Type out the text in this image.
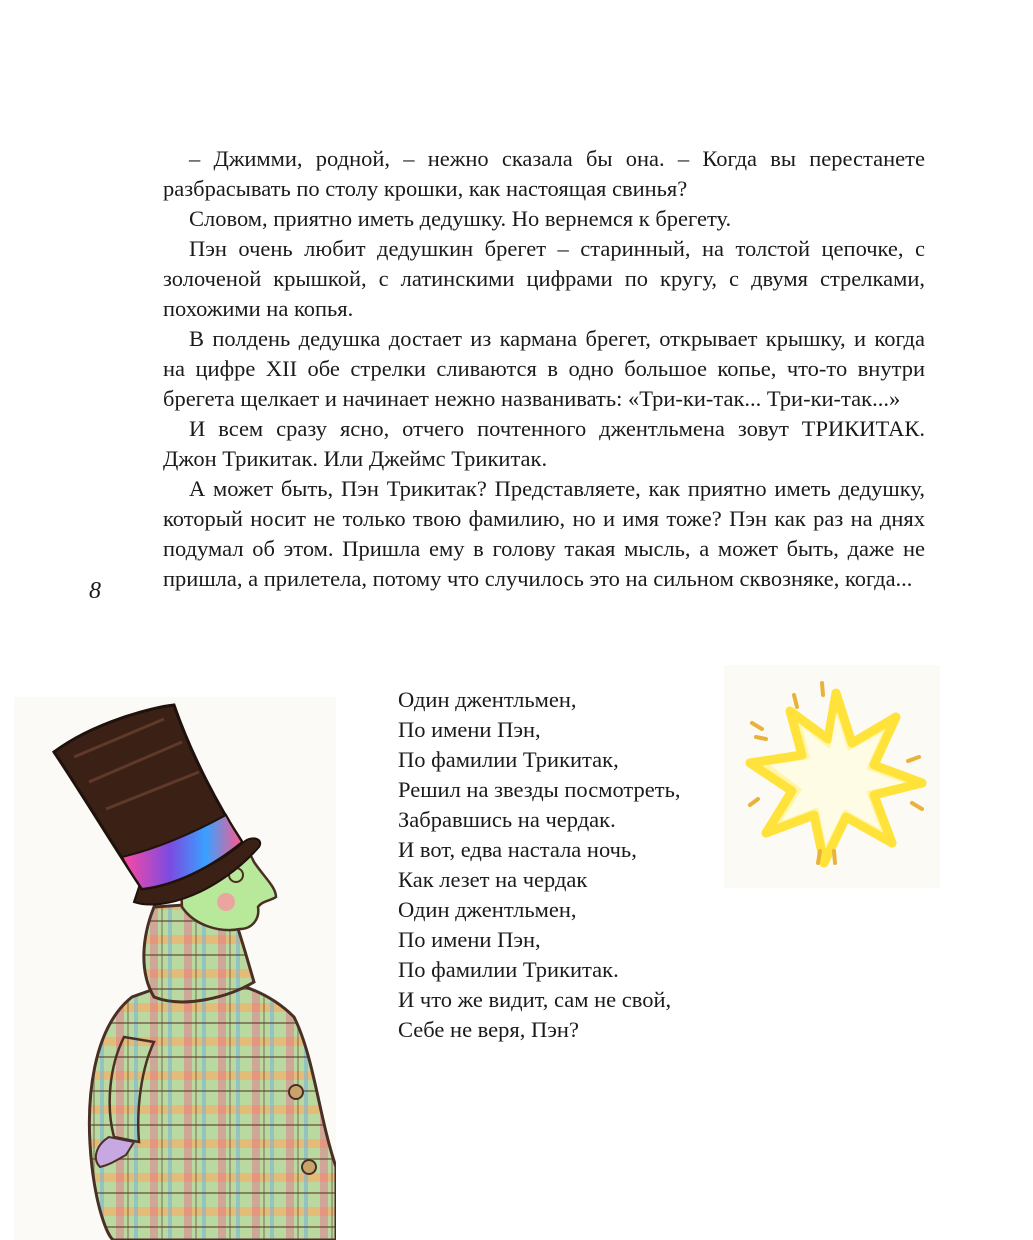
– Джимми, родной, – нежно сказала бы она. – Когда вы перестанете разбрасывать по столу крошки, как настоящая свинья?

Словом, приятно иметь дедушку. Но вернемся к брегету.

Пэн очень любит дедушкин брегет – старинный, на толстой цепочке, с золоченой крышкой, с латинскими цифрами по кругу, с двумя стрелками, похожими на копья.

В полдень дедушка достает из кармана брегет, открывает крышку, и когда на цифре XII обе стрелки сливаются в одно большое копье, что-то внутри брегета щелкает и начинает нежно названивать: «Три-ки-так... Три-ки-так...»

И всем сразу ясно, отчего почтенного джентльмена зовут ТРИКИТАК. Джон Трикитак. Или Джеймс Трикитак.

А может быть, Пэн Трикитак? Представляете, как приятно иметь дедушку, который носит не только твою фамилию, но и имя тоже? Пэн как раз на днях подумал об этом. Пришла ему в голову такая мысль, а может быть, даже не пришла, а прилетела, потому что случилось это на сильном сквозняке, когда...

8
Один джентльмен,
По имени Пэн,
По фамилии Трикитак,
Решил на звезды посмотреть,
Забравшись на чердак.
И вот, едва настала ночь,
Как лезет на чердак
Один джентльмен,
По имени Пэн,
По фамилии Трикитак.
И что же видит, сам не свой,
Себе не веря, Пэн?
